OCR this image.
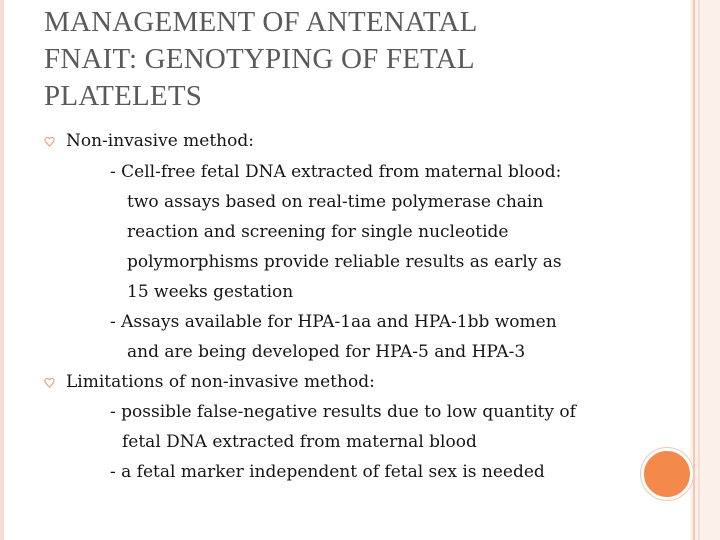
MANAGEMENT OF ANTENATAL
FNAIT: GENOTYPING OF FETAL
PLATELETS
Non-invasive method:
- Cell-free fetal DNA extracted from maternal blood:
two assays based on real-time polymerase chain
reaction and screening for single nucleotide
polymorphisms provide reliable results as early as
15 weeks gestation
- Assays available for HPA-1aa and HPA-1bb women
and are being developed for HPA-5 and HPA-3
Limitations of non-invasive method:
- possible false-negative results due to low quantity of
fetal DNA extracted from maternal blood
- a fetal marker independent of fetal sex is needed
